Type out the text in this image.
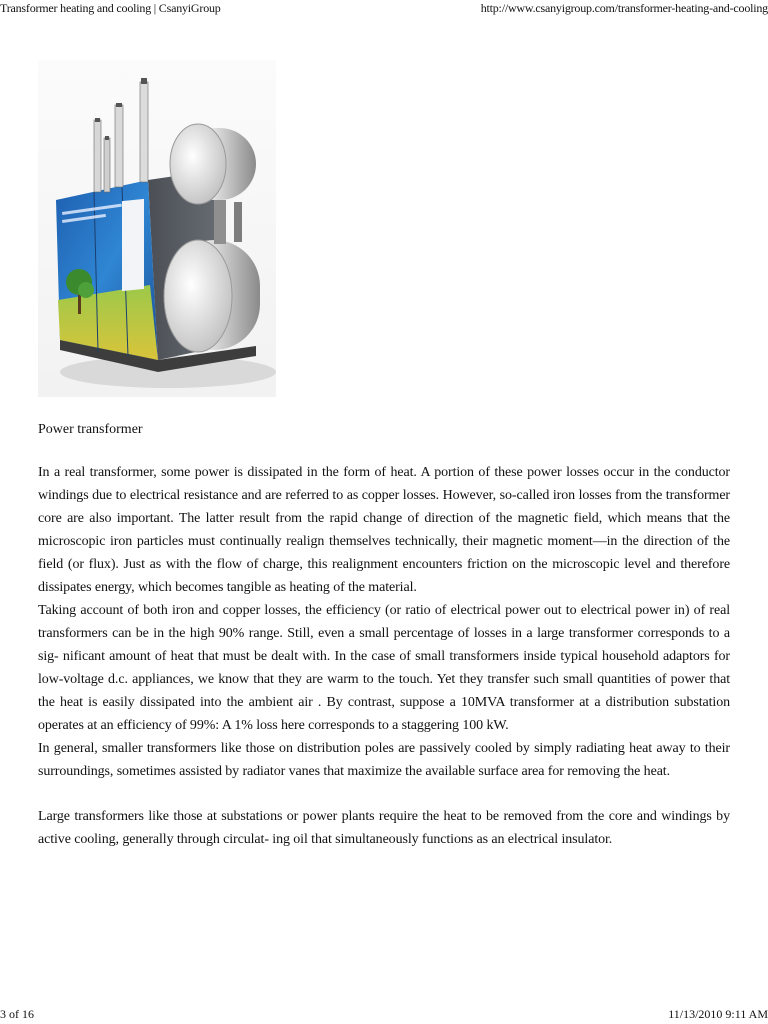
Transformer heating and cooling | CsanyiGroup	http://www.csanyigroup.com/transformer-heating-and-cooling
Power transformer

In a real transformer, some power is dissipated in the form of heat. A portion of these power losses occur in the conductor windings due to electrical resistance and are referred to as copper losses. However, so-called iron losses from the transformer core are also important. The latter result from the rapid change of direction of the magnetic field, which means that the microscopic iron particles must continually realign themselves technically, their magnetic moment—in the direction of the field (or flux). Just as with the flow of charge, this realignment encounters friction on the microscopic level and therefore dissipates energy, which becomes tangible as heating of the material.

Taking account of both iron and copper losses, the efficiency (or ratio of electrical power out to electrical power in) of real transformers can be in the high 90% range. Still, even a small percentage of losses in a large transformer corresponds to a sig- nificant amount of heat that must be dealt with. In the case of small transformers inside typical household adaptors for low-voltage d.c. appliances, we know that they are warm to the touch. Yet they transfer such small quantities of power that the heat is easily dissipated into the ambient air . By contrast, suppose a 10MVA transformer at a distribution substation operates at an efficiency of 99%: A 1% loss here corresponds to a staggering 100 kW.

In general, smaller transformers like those on distribution poles are passively cooled by simply radiating heat away to their surroundings, sometimes assisted by radiator vanes that maximize the available surface area for removing the heat.

Large transformers like those at substations or power plants require the heat to be removed from the core and windings by active cooling, generally through circulat- ing oil that simultaneously functions as an electrical insulator.

3 of 16	11/13/2010 9:11 AM
